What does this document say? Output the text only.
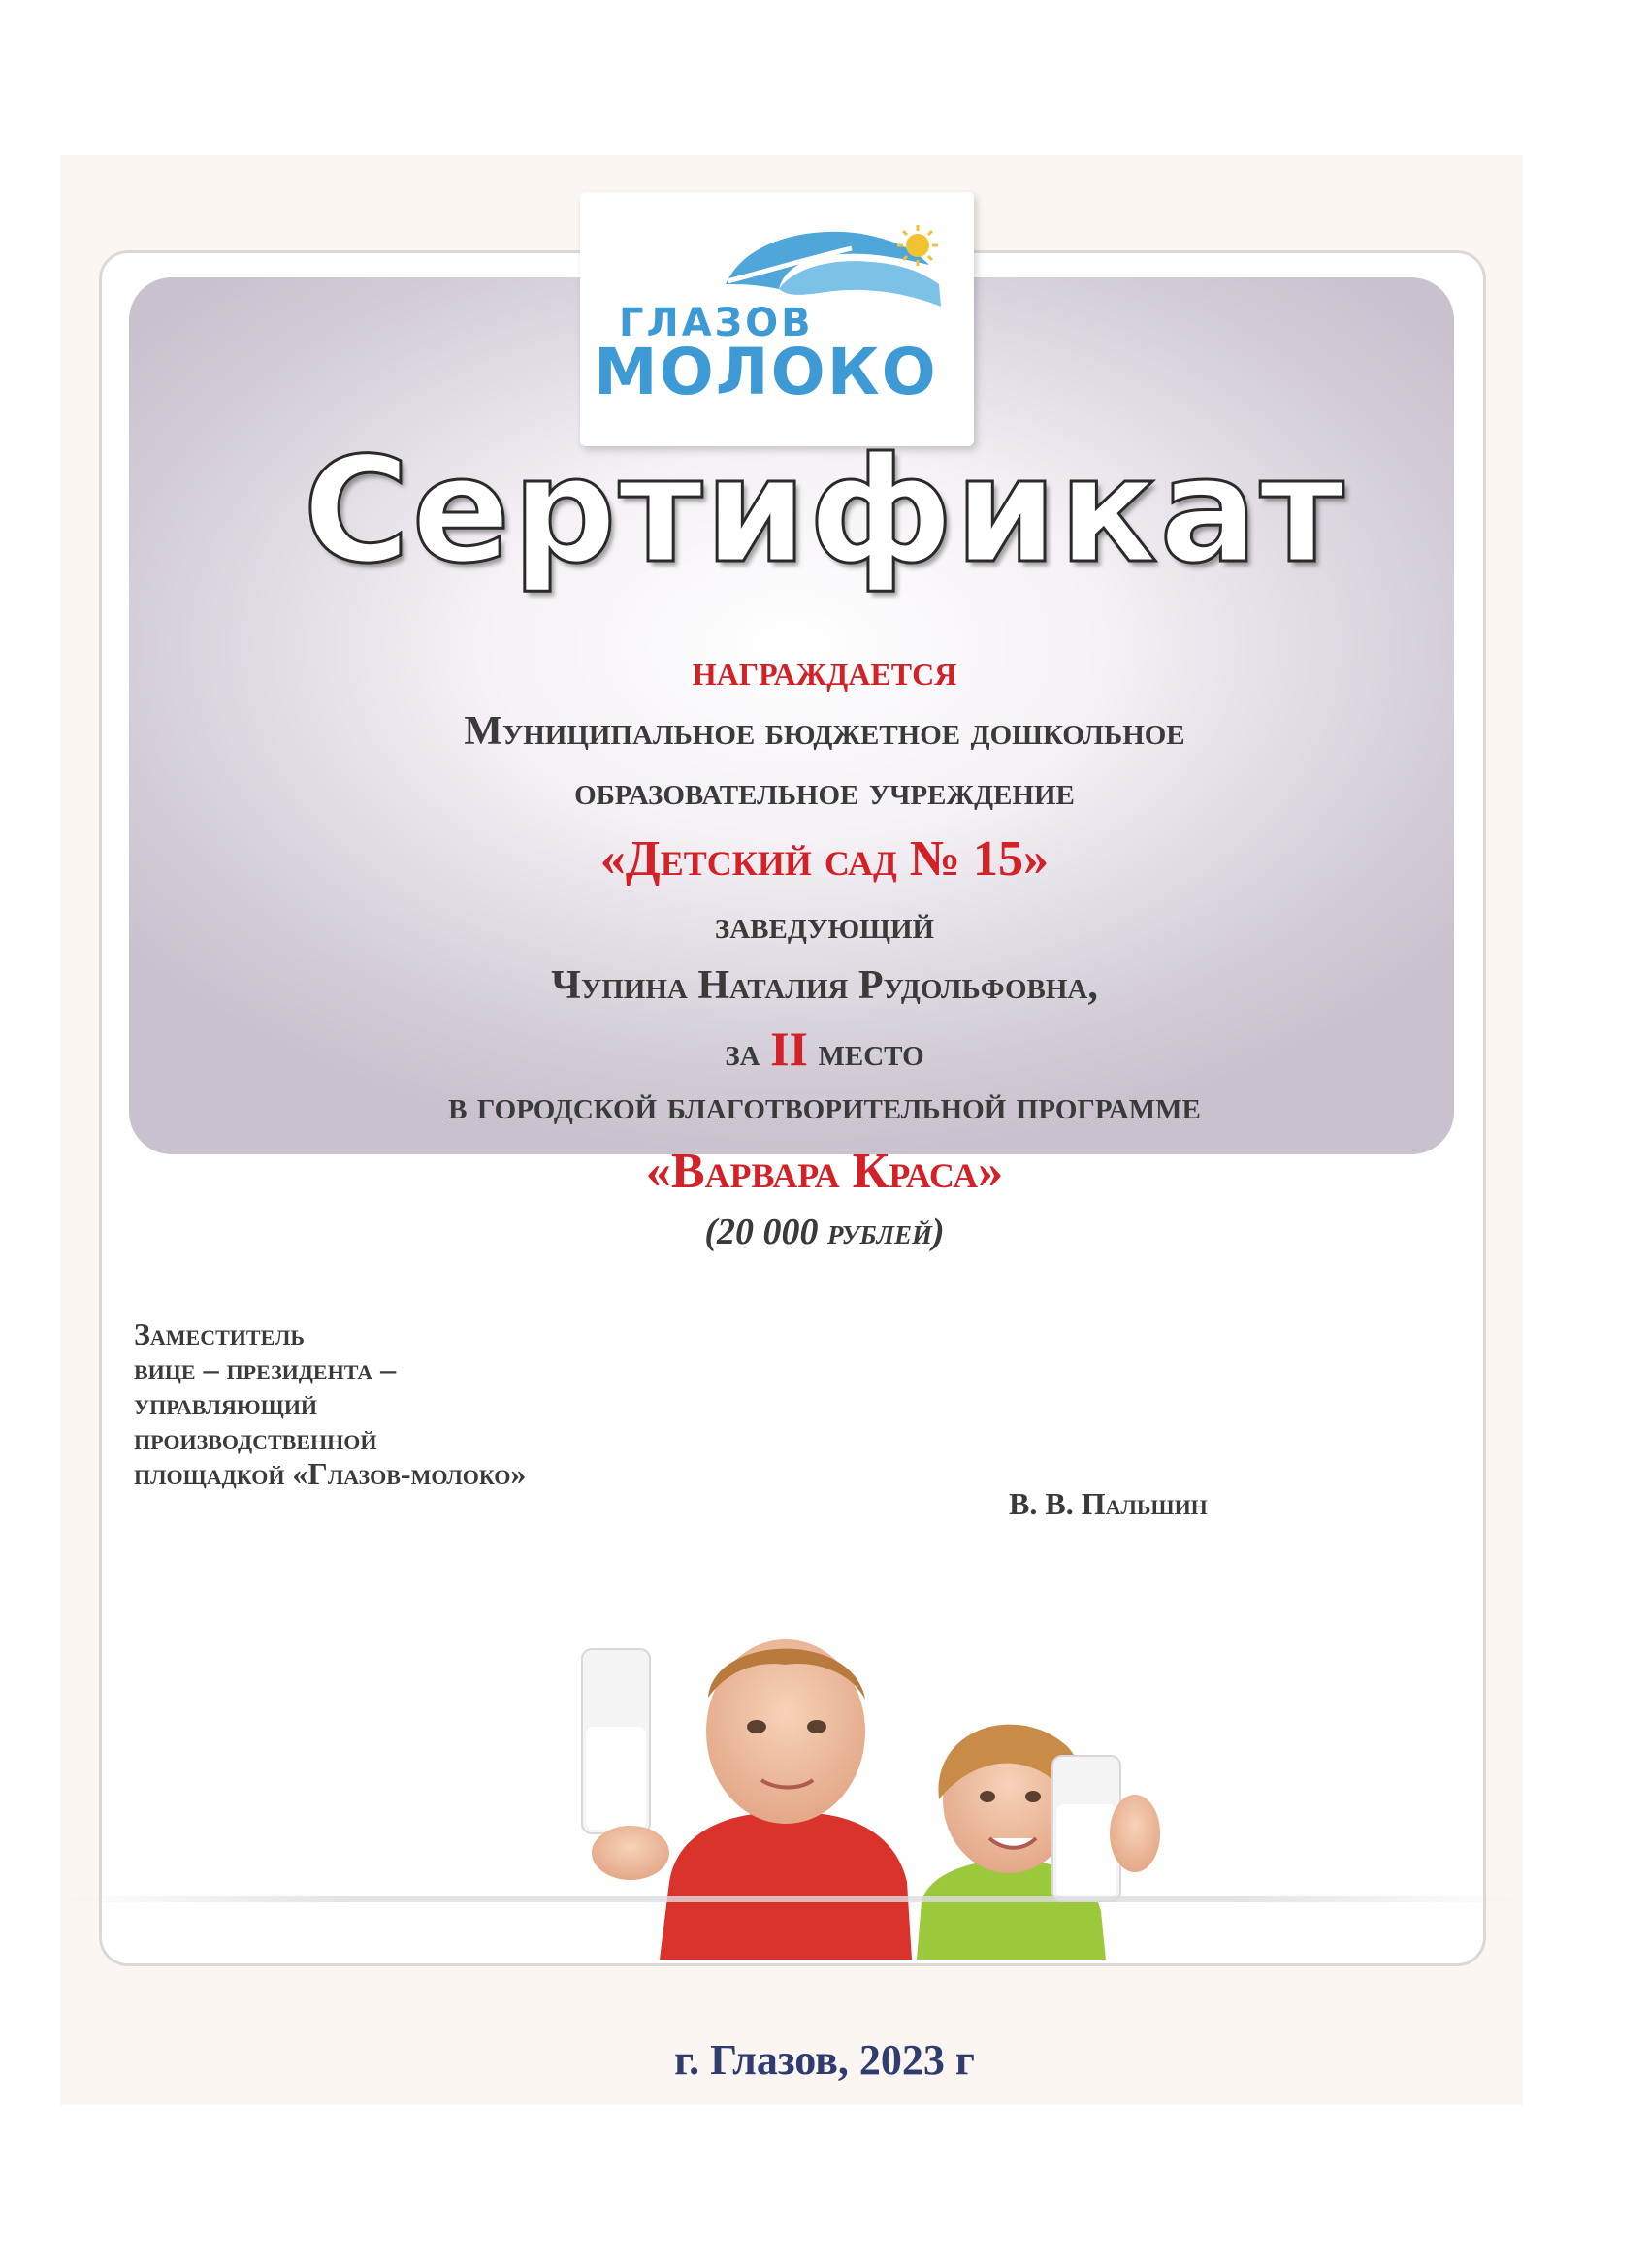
ГЛАЗОВ
МОЛОКО
Сертификат
награждается
Муниципальное бюджетное дошкольное
образовательное учреждение
«Детский сад № 15»
заведующий
Чупина Наталия Рудольфовна,
за II место
в городской благотворительной программе
«Варвара Краса»
(20 000 рублей)
Заместитель
вице – президента –
управляющий
производственной
площадкой «Глазов-молоко»
В. В. Пальшин
г. Глазов, 2023 г
